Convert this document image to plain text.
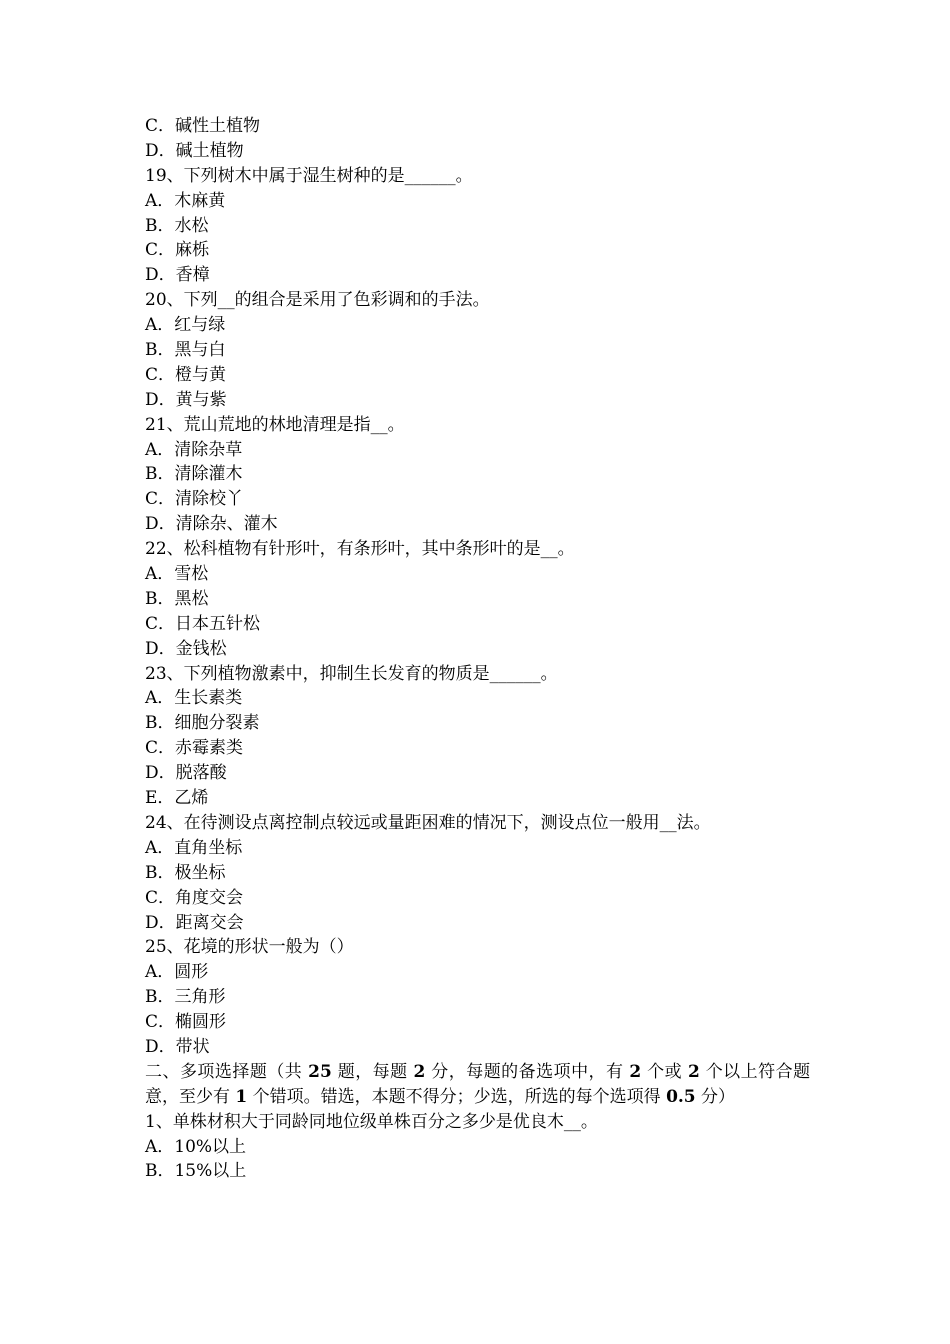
C．碱性土植物
D．碱土植物
19、下列树木中属于湿生树种的是______。
A．木麻黄
B．水松
C．麻栎
D．香樟
20、下列__的组合是采用了色彩调和的手法。
A．红与绿
B．黑与白
C．橙与黄
D．黄与紫
21、荒山荒地的林地清理是指__。
A．清除杂草
B．清除灌木
C．清除校丫
D．清除杂、灌木
22、松科植物有针形叶，有条形叶，其中条形叶的是__。
A．雪松
B．黑松
C．日本五针松
D．金钱松
23、下列植物激素中，抑制生长发育的物质是______。
A．生长素类
B．细胞分裂素
C．赤霉素类
D．脱落酸
E．乙烯
24、在待测设点离控制点较远或量距困难的情况下，测设点位一般用__法。
A．直角坐标
B．极坐标
C．角度交会
D．距离交会
25、花境的形状一般为（）
A．圆形
B．三角形
C．椭圆形
D．带状
二、多项选择题（共 25 题，每题 2 分，每题的备选项中，有 2 个或 2 个以上符合题意，至少有 1 个错项。错选，本题不得分；少选，所选的每个选项得 0.5 分）
1、单株材积大于同龄同地位级单株百分之多少是优良木__。
A．10%以上
B．15%以上
